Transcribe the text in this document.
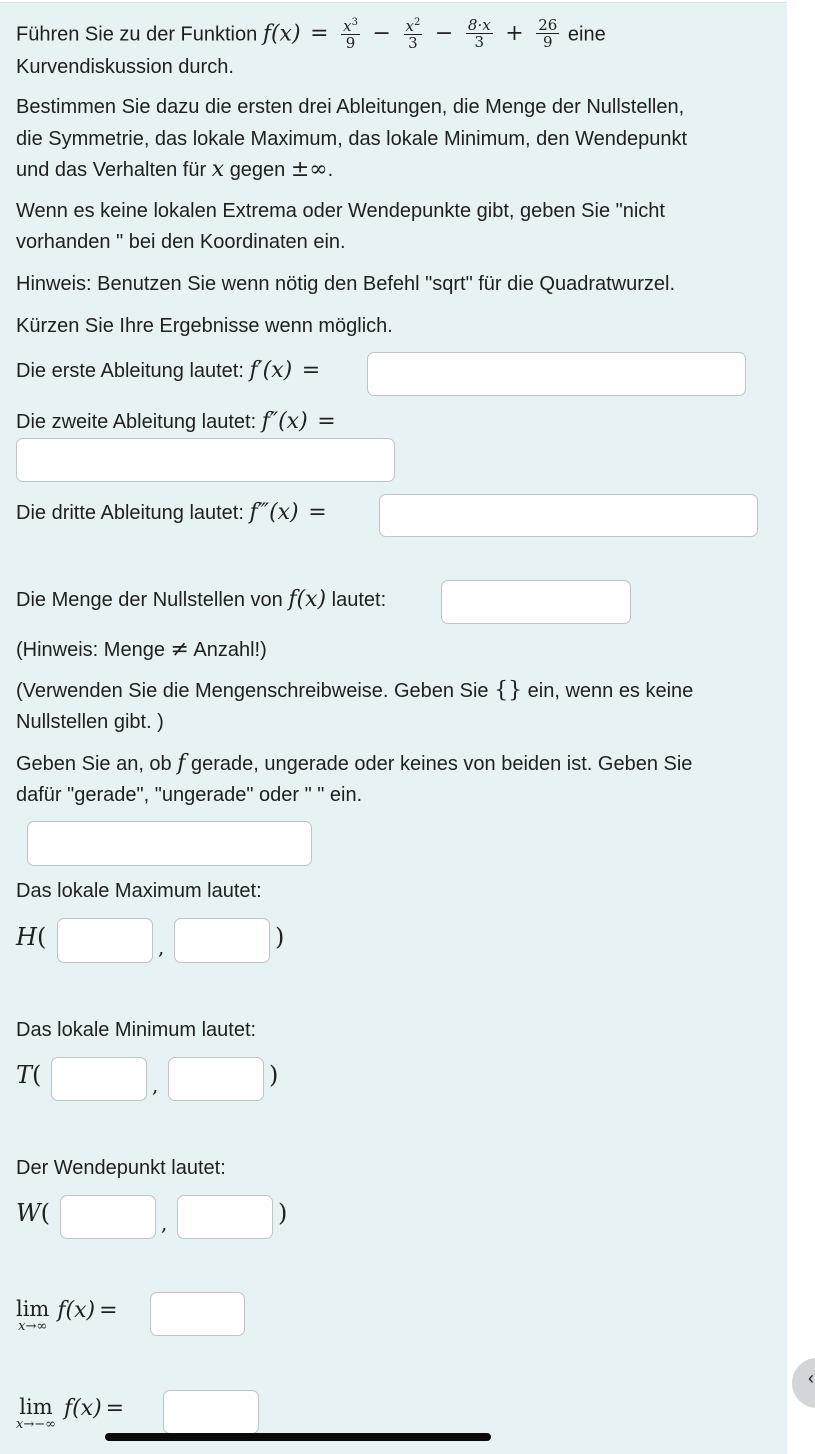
Führen Sie zu der Funktion $f(x) = \frac{x^3}{9} - \frac{x^2}{3} - \frac{8\cdot x}{3} + \frac{26}{9}$ eine
Kurvendiskussion durch.
Bestimmen Sie dazu die ersten drei Ableitungen, die Menge der Nullstellen,
die Symmetrie, das lokale Maximum, das lokale Minimum, den Wendepunkt
und das Verhalten für x gegen ±∞.
Wenn es keine lokalen Extrema oder Wendepunkte gibt, geben Sie "nicht
vorhanden " bei den Koordinaten ein.
Hinweis: Benutzen Sie wenn nötig den Befehl "sqrt" für die Quadratwurzel.
Kürzen Sie Ihre Ergebnisse wenn möglich.
Die erste Ableitung lautet: f′(x) =
Die zweite Ableitung lautet: f″(x) =
Die dritte Ableitung lautet: f‴(x) =
Die Menge der Nullstellen von f(x) lautet:
(Hinweis: Menge ≠ Anzahl!)
(Verwenden Sie die Mengenschreibweise. Geben Sie {} ein, wenn es keine
Nullstellen gibt. )
Geben Sie an, ob f gerade, ungerade oder keines von beiden ist. Geben Sie
dafür "gerade", "ungerade" oder " " ein.
Das lokale Maximum lautet:
H(	,	)
Das lokale Minimum lautet:
T(	,	)
Der Wendepunkt lautet:
W(	,	)
lim
x→∞
f(x) =
lim
x→−∞
f(x) =
‹
